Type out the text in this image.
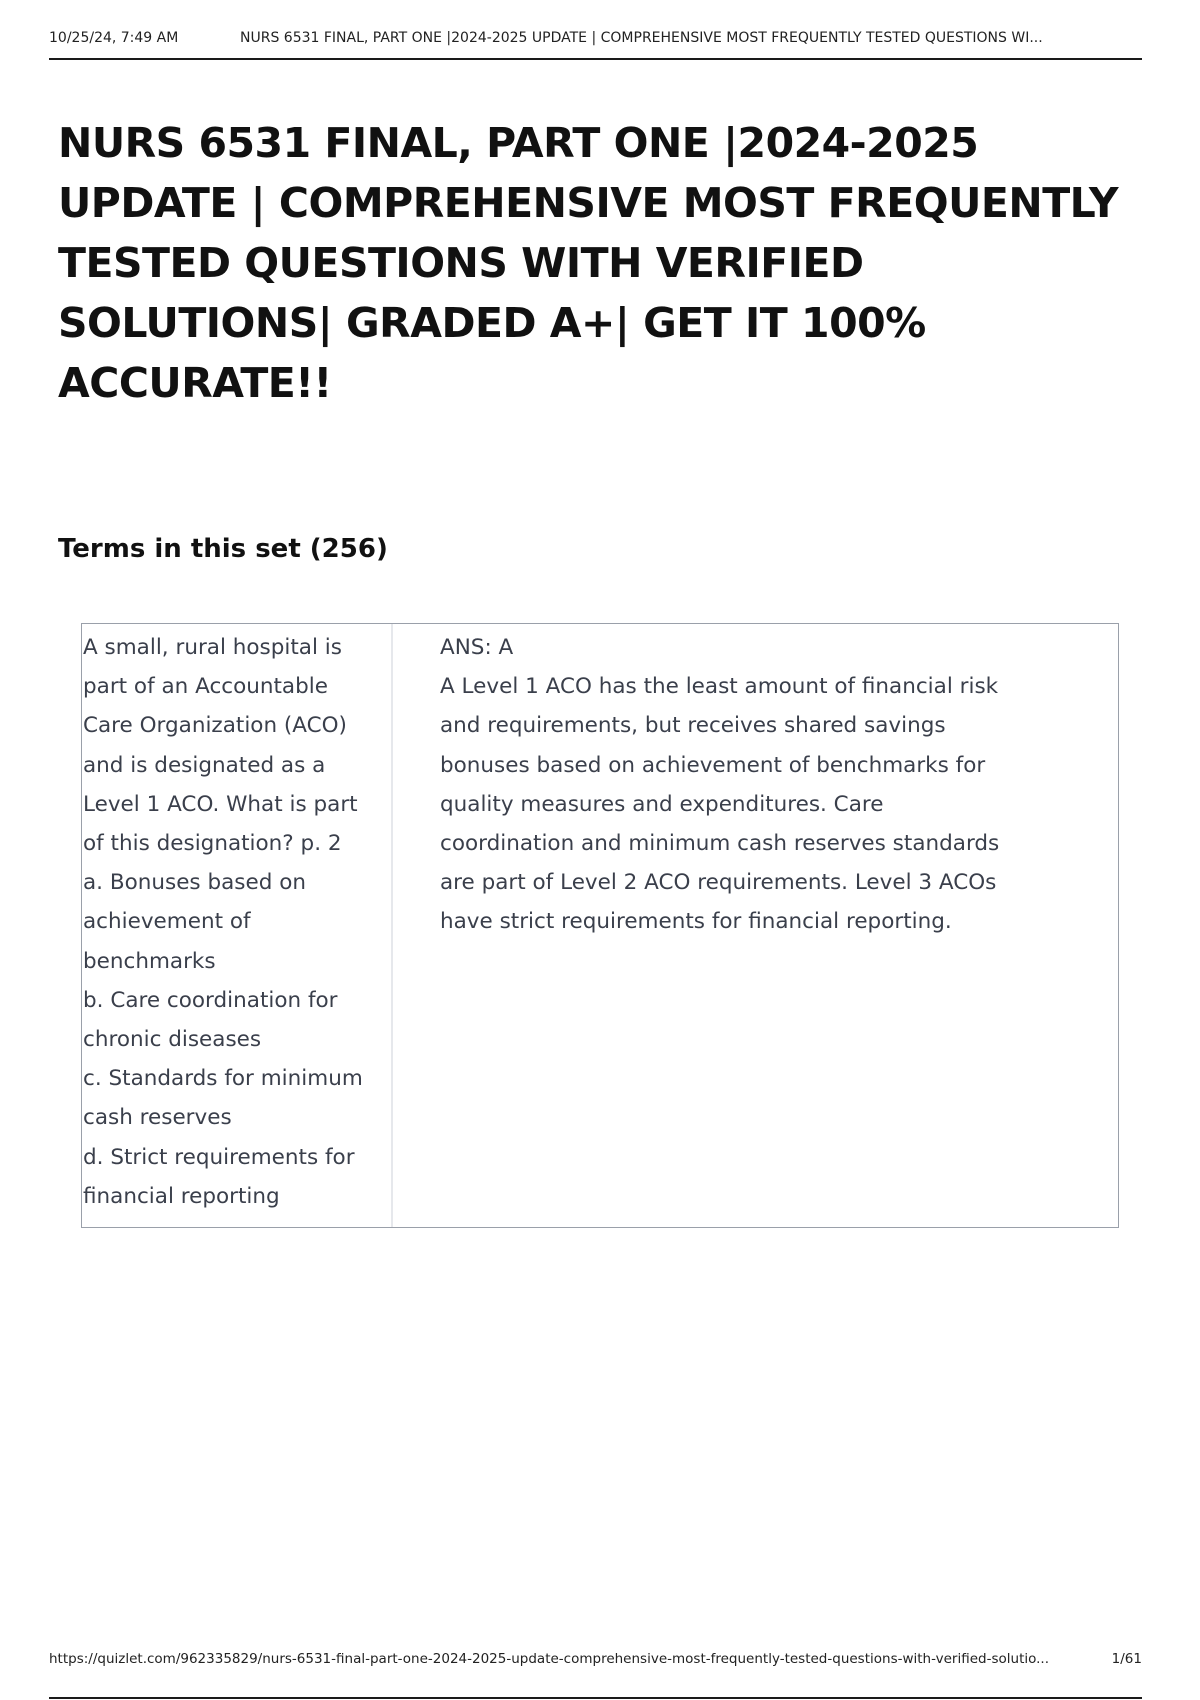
10/25/24, 7:49 AM	NURS 6531 FINAL, PART ONE |2024-2025 UPDATE | COMPREHENSIVE MOST FREQUENTLY TESTED QUESTIONS WI...
NURS 6531 FINAL, PART ONE |2024-2025 UPDATE | COMPREHENSIVE MOST FREQUENTLY TESTED QUESTIONS WITH VERIFIED SOLUTIONS| GRADED A+| GET IT 100% ACCURATE!!
Terms in this set (256)
A small, rural hospital is
part of an Accountable
Care Organization (ACO)
and is designated as a
Level 1 ACO. What is part
of this designation? p. 2
a. Bonuses based on
achievement of
benchmarks
b. Care coordination for
chronic diseases
c. Standards for minimum
cash reserves
d. Strict requirements for
financial reporting
ANS: A
A Level 1 ACO has the least amount of financial risk
and requirements, but receives shared savings
bonuses based on achievement of benchmarks for
quality measures and expenditures. Care
coordination and minimum cash reserves standards
are part of Level 2 ACO requirements. Level 3 ACOs
have strict requirements for financial reporting.
https://quizlet.com/962335829/nurs-6531-final-part-one-2024-2025-update-comprehensive-most-frequently-tested-questions-with-verified-solutio...	1/61
